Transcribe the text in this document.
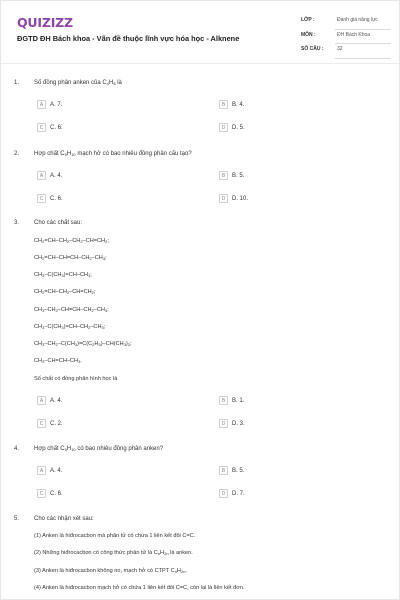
QUIZIZZ
ĐGTD ĐH Bách khoa - Vấn đề thuộc lĩnh vực hóa học - Alknene
LỚP :	Đánh giá năng lực
MÔN :	ĐH Bách Khoa
SỐ CÂU :	32
1. Số đồng phân anken của $C_4H_8$ là
A	A. 7.	B	B. 4.
C	C. 6.	D	D. 5.
2. Hợp chất $C_5H_{10}$ mạch hở có bao nhiêu đồng phân cấu tạo?
A	A. 4.	B	B. 5.
C	C. 6.	D	D. 10.
3. Cho các chất sau:
$CH_2=CH-CH_2-CH_2-CH=CH_2$;
$CH_2=CH-CH=CH-CH_2-CH_3$;
$CH_3-C(CH_3)=CH-CH_3$;
$CH_2=CH-CH_2-CH=CH_2$;
$CH_3-CH_2-CH=CH-CH_2-CH_3$;
$CH_3-C(CH_3)=CH-CH_2-CH_3$;
$CH_3-CH_2-C(CH_3)=C(C_2H_5)-CH(CH_3)_2$;
$CH_3-CH=CH-CH_3$.
Số chất có đồng phân hình học là
A	A. 4.	B	B. 1.
C	C. 2.	D	D. 3.
4. Hợp chất $C_5H_{10}$ có bao nhiêu đồng phân anken?
A	A. 4.	B	B. 5.
C	C. 6.	D	D. 7.
5. Cho các nhận xét sau:
(1) Anken là hiđrocacbon mà phân tử có chứa 1 liên kết đôi C=C.
(2) Những hiđrocacbon có công thức phân tử là $C_nH_{2n}$ là anken.
(3) Anken là hiđrocacbon không no, mạch hở có CTPT $C_nH_{2n}$.
(4) Anken là hiđrocacbon mạch hở có chứa 1 liên kết đôi C=C, còn lại là liên kết đơn.
